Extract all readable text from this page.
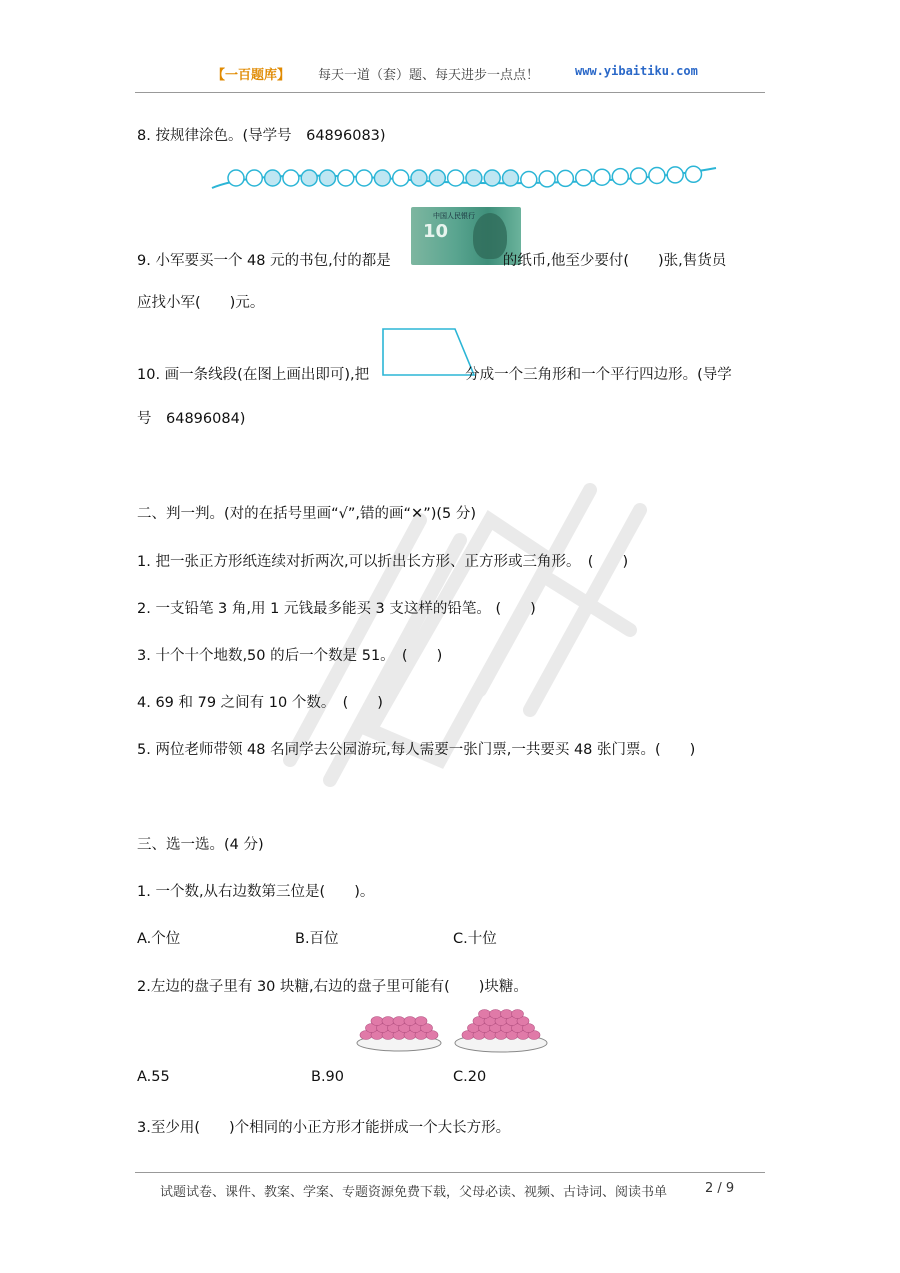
【一百题库】 每天一道（套）题、每天进步一点点！	www.yibaitiku.com
8. 按规律涂色。(导学号　64896083)
中国人民银行
10
9. 小军要买一个 48 元的书包,付的都是	的纸币,他至少要付(　　)张,售货员
应找小军(　　)元。
10. 画一条线段(在图上画出即可),把	分成一个三角形和一个平行四边形。(导学
号　64896084)
二、判一判。(对的在括号里画“√”,错的画“✕”)(5 分)
1. 把一张正方形纸连续对折两次,可以折出长方形、正方形或三角形。　(　　)
2. 一支铅笔 3 角,用 1 元钱最多能买 3 支这样的铅笔。 (　　)
3. 十个十个地数,50 的后一个数是 51。　(　　)
4. 69 和 79 之间有 10 个数。　(　　)
5. 两位老师带领 48 名同学去公园游玩,每人需要一张门票,一共要买 48 张门票。(　　)
三、选一选。(4 分)
1. 一个数,从右边数第三位是(　　)。
A.个位	B.百位	C.十位
2.左边的盘子里有 30 块糖,右边的盘子里可能有(　　)块糖。
A.55	B.90	C.20
3.至少用(　　)个相同的小正方形才能拼成一个大长方形。
试题试卷、课件、教案、学案、专题资源免费下载，父母必读、视频、古诗词、阅读书单	2 / 9
